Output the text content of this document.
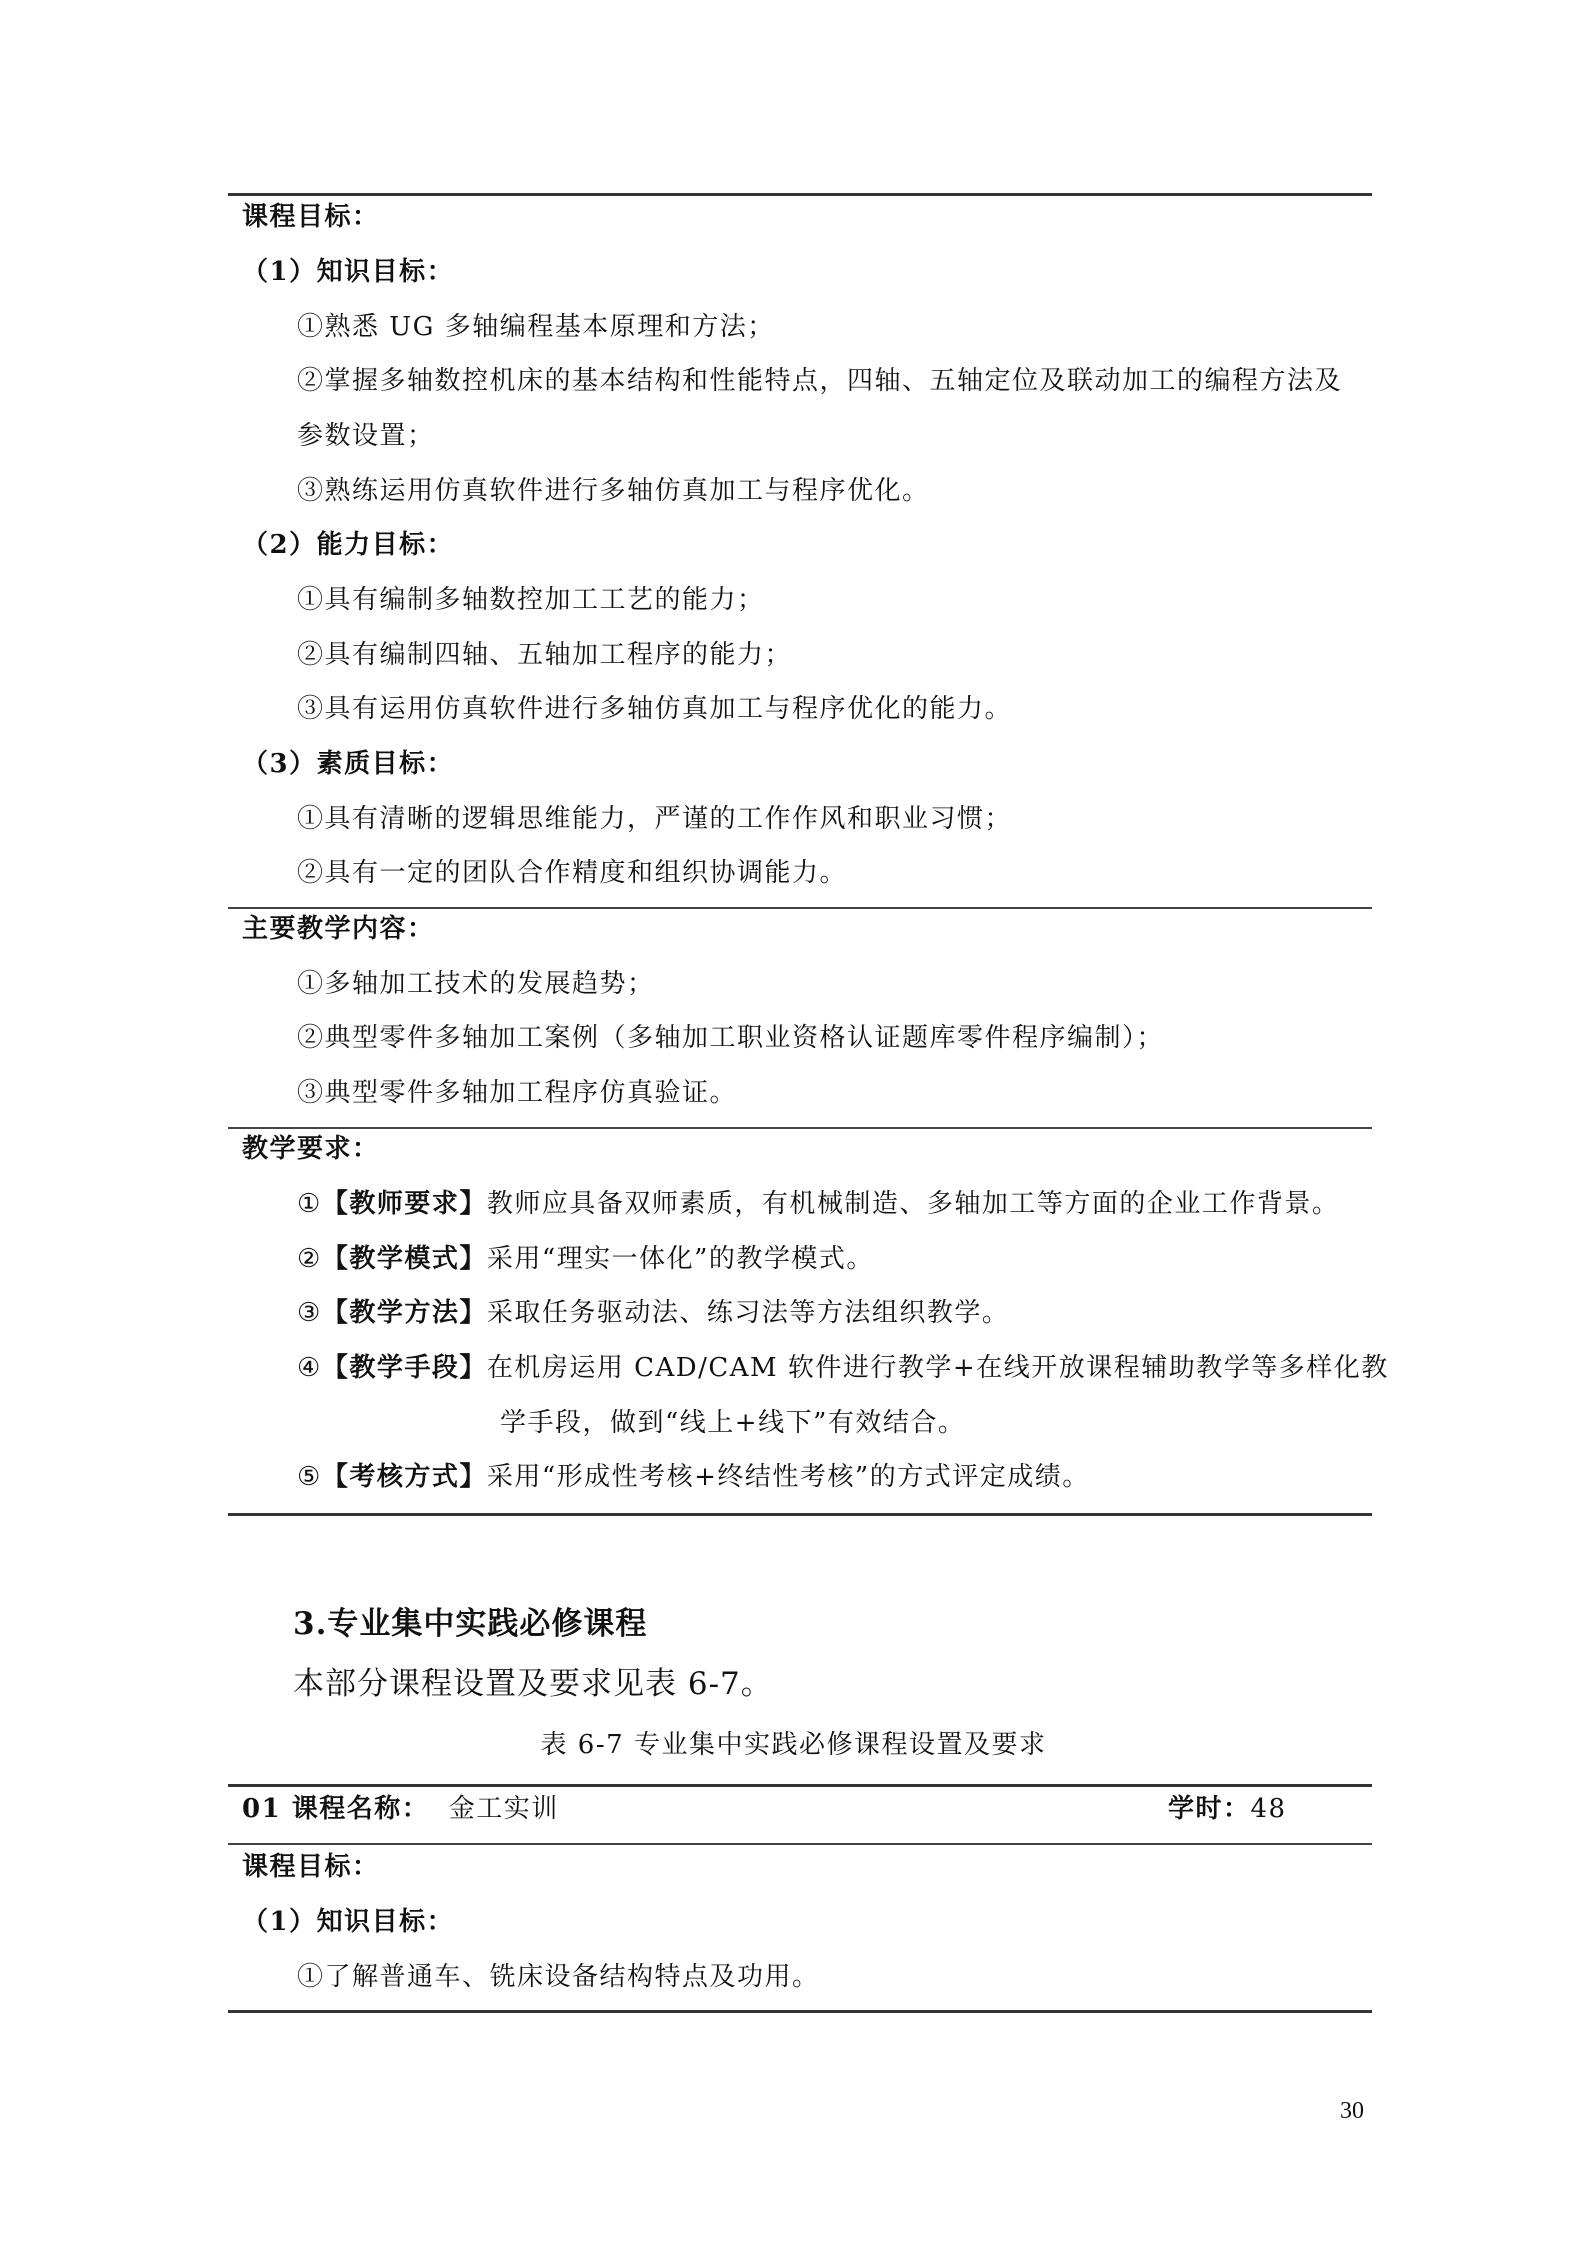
课程目标：
（1）知识目标：
①熟悉 UG 多轴编程基本原理和方法；
②掌握多轴数控机床的基本结构和性能特点，四轴、五轴定位及联动加工的编程方法及
参数设置；
③熟练运用仿真软件进行多轴仿真加工与程序优化。
（2）能力目标：
①具有编制多轴数控加工工艺的能力；
②具有编制四轴、五轴加工程序的能力；
③具有运用仿真软件进行多轴仿真加工与程序优化的能力。
（3）素质目标：
①具有清晰的逻辑思维能力，严谨的工作作风和职业习惯；
②具有一定的团队合作精度和组织协调能力。
主要教学内容：
①多轴加工技术的发展趋势；
②典型零件多轴加工案例（多轴加工职业资格认证题库零件程序编制）；
③典型零件多轴加工程序仿真验证。
教学要求：
①【教师要求】教师应具备双师素质，有机械制造、多轴加工等方面的企业工作背景。
②【教学模式】采用“理实一体化”的教学模式。
③【教学方法】采取任务驱动法、练习法等方法组织教学。
④【教学手段】在机房运用 CAD/CAM 软件进行教学+在线开放课程辅助教学等多样化教
学手段，做到“线上+线下”有效结合。
⑤【考核方式】采用“形成性考核+终结性考核”的方式评定成绩。
3.专业集中实践必修课程
本部分课程设置及要求见表 6-7。
表 6-7 专业集中实践必修课程设置及要求
01 课程名称： 金工实训	学时：48
课程目标：
（1）知识目标：
①了解普通车、铣床设备结构特点及功用。
30
